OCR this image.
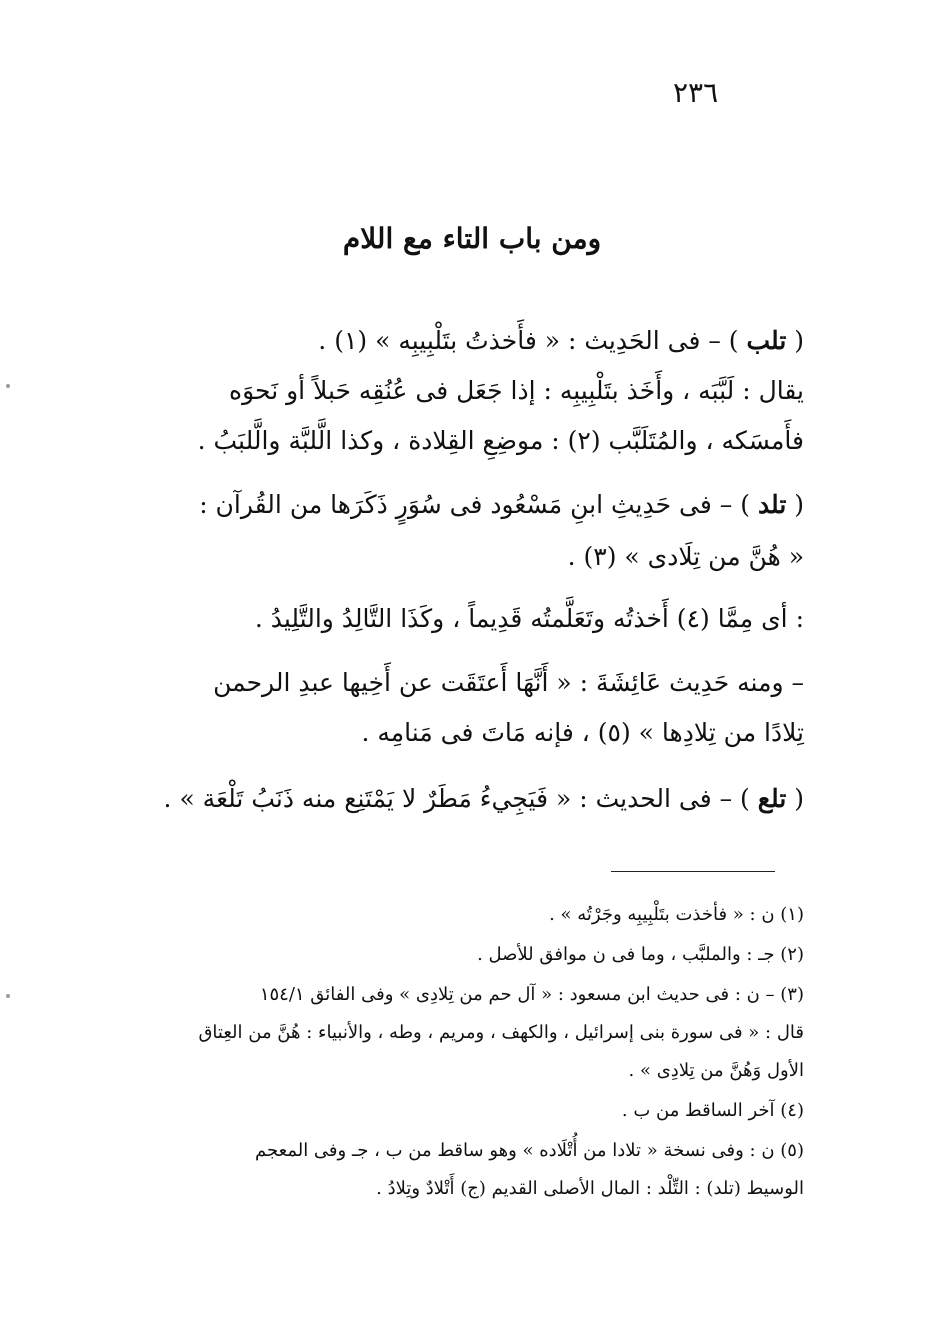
٢٣٦
ومن باب التاء مع اللام
( تلب ) – فى الحَدِيث : « فأَخذتُ بتَلْبِيبِه » (١) .
يقال : لَبَّبَه ، وأَخَذ بتَلْبِيبِه : إذا جَعَل فى عُنُقِه حَبلاً أو نَحوَه
فأَمسَكه ، والمُتَلَبَّب (٢) : موضِعِ القِلادة ، وكذا الَّلبَّة والَّلبَبُ .
( تلد ) – فى حَدِيثِ ابنِ مَسْعُود فى سُوَرٍ ذَكَرَها من القُرآن :
« هُنَّ من تِلَادى » (٣) .
: أى مِمَّا (٤) أَخذتُه وتَعَلَّمتُه قَدِيماً ، وكَذَا التَّالِدُ والتَّلِيدُ .
– ومنه حَدِيث عَائِشَةَ : « أَنَّهَا أَعتَقَت عن أَخِيها عبدِ الرحمن
تِلادًا من تِلادِها » (٥) ، فإنه مَاتَ فى مَنامِه .
( تلع ) – فى الحديث : « فَيَجِيءُ مَطَرٌ لا يَمْتَنِع منه ذَنَبُ تَلْعَة » .
(١) ن : « فأخذت بتَلْبِيبِه وجَرْتُه » .
(٢) جـ : والملبَّب ، وما فى ن موافق للأصل .
(٣) – ن : فى حديث ابن مسعود : « آل حم من تِلادِى » وفى الفائق ١٥٤/١
قال : « فى سورة بنى إسرائيل ، والكهف ، ومريم ، وطه ، والأنبياء : هُنَّ من العِتاق
الأول وَهُنَّ من تِلادِى » .
(٤) آخر الساقط من ب .
(٥) ن : وفى نسخة « تلادا من أُتْلَاده » وهو ساقط من ب ، جـ وفى المعجم
الوسيط (تلد) : التِّلْد : المال الأصلى القديم (ج) أَتْلادٌ وتِلادُ .
